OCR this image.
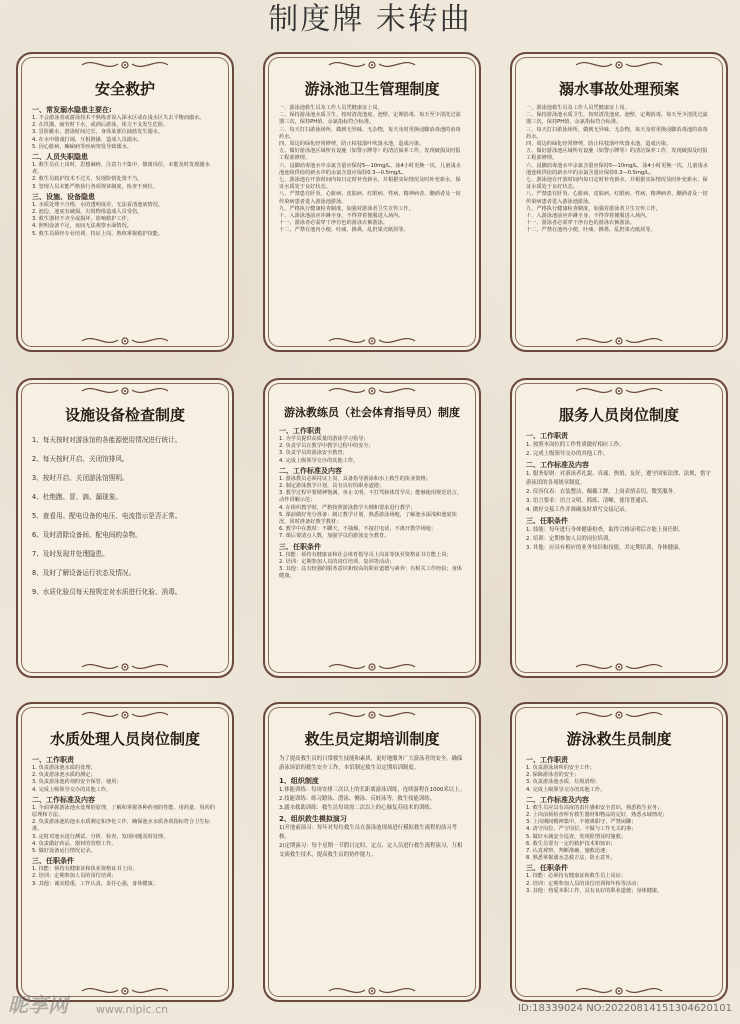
制度牌 未转曲
安全救护

一、常发溺水隐患主要在:

1. 不会游泳者或游泳技术不熟练者误入深水区或在浅水区失去平衡而溺水。

2. 在饥饿、疲劳时下水，或酒后游泳，体力不支发生危险。

3. 冒险跳水，潜泳时间过长，身体某部位抽筋发生溺水。

4. 在水中嬉戏打闹，互相推搡，造成人员溺水。

5. 因心脏病、癫痫病等疾病突发导致溺水。

二、人员失职隐患

1. 救生员在上岗时，思想麻痹，注意力不集中，擅离岗位，未能及时发现溺水者。

2. 救生员救护技术不过关，发现险情处置不当。

3. 管理人员未能严格执行各项规章制度，检查不到位。

三、设施、设备隐患

1. 水质处理不合格，水的透明度差，无法看清池底情况。

2. 池边、池底有破损，尖锐物体造成人员受伤。

3. 救生器材不齐全或损坏，影响救护工作。

4. 照明设备不足，夜间无法观察水面情况。

5. 救生员须经专业培训，持证上岗，熟练掌握救护技能。

游泳池卫生管理制度

一、游泳池救生员及工作人员凭健康证上岗。

二、保持游泳池水质卫生，按时清洗池底、池壁，定期消毒，每天至少清洗过滤器三次，保持PH值、余氯指标符合标准。

三、每天打扫游泳场所，做到无异味、无杂物，每天及时更换浸脚消毒池的消毒药水。

四、周边的绿化经常修剪，防止枯枝落叶吹落水池，造成污染。

五、做好游泳池区域所有设施（如警示牌等）的清洁保养工作，发现破损及时报工程部修理。

六、浸脚消毒池水中余氯含量应保持5—10mg/L，泳4小时更换一次，儿童浅水池连续供给的新水中的余氯含量应保持0.3—0.5mg/L。

七、游泳池在开放时间内每日定时补充新水，并根据实际情况及时补充新水，保证水质处于良好状态。

八、严禁患有肝炎、心脏病、皮肤病、红眼病、性病、精神病者、酗酒者及一切传染病患者进入游泳池游泳。

九、严格执行健康检查制度，加强对游泳者卫生宣传工作。

十、入游泳池前应冲淋全身，不得穿着便服进入场内。

十一、游泳者必需穿干净有色的游泳衣裤游泳。

十二、严禁在池内小便、吐痰、擤鼻，乱扔果壳纸屑等。

溺水事故处理预案

一、游泳池救生员及工作人员凭健康证上岗。

二、保持游泳池水质卫生，按时清洗池底、池壁，定期消毒，每天至少清洗过滤器三次，保持PH值、余氯指标符合标准。

三、每天打扫游泳场所，做到无异味、无杂物，每天及时更换浸脚消毒池的消毒药水。

四、周边的绿化经常修剪，防止枯枝落叶吹落水池，造成污染。

五、做好游泳池区域所有设施（如警示牌等）的清洁保养工作，发现破损及时报工程部修理。

六、浸脚消毒池水中余氯含量应保持5—10mg/L，泳4小时更换一次，儿童浅水池连续供给的新水中的余氯含量应保持0.3—0.5mg/L。

七、游泳池在开放时间内每日定时补充新水，并根据实际情况及时补充新水，保证水质处于良好状态。

八、严禁患有肝炎、心脏病、皮肤病、红眼病、性病、精神病者、酗酒者及一切传染病患者进入游泳池游泳。

九、严格执行健康检查制度，加强对游泳者卫生宣传工作。

十、入游泳池前应冲淋全身，不得穿着便服进入场内。

十一、游泳者必需穿干净有色的游泳衣裤游泳。

十二、严禁在池内小便、吐痰、擤鼻，乱扔果壳纸屑等。

设施设备检查制度

1、每天按时对游泳馆的各能源使用情况进行统计。

2、每天按时开启、关闭馆排风。

3、按时开启、关闭游泳馆照明。

4、杜绝跑、冒、滴、漏现象。

5、查看用、配电设备的电压、电流指示是否正常。

6、及时清除设备间、配电间的杂物。

7、及时发现并处理隐患。

8、及时了解设备运行状态及情况。

9、水质化验员每天按规定对水质进行化验、消毒。

游泳教练员（社会体育指导员）制度

一、工作职责

1. 为学员提供高质量的游泳学习指导；

2. 负责学员在教学中教学过程中的安全；

3. 负责学员的游泳安全教育；

4. 完成上级领导交办的其他工作。

二、工作标准及内容

1. 游泳教员必须持证上岗，具备指导游泳和水上救生的执业资格；

2. 制定游泳教学计划，具有良好的职业道德；

3. 教学过程中要精神饱满，举止文明，不打骂和体罚学员；能够使用规范语言、动作讲解示范；

4. 在组织教学时，严格按照游泳教学大纲和要求进行教学；

5. 课前做好充分准备：制订教学计划，熟悉游泳场地，了解池水深浅和池底状况，同时准备好教学教材；

6. 教学中在教时：不聊天，不抽烟，不接打电话，不离开教学场地；

7. 课后要清点人数，加强学员的游泳安全教育。

三、任职条件

1. 技能：须持有健康证和社会体育指导员上岗证等执业资格证书方能上岗；

2. 培训：定期参加人员的岗位培训，复训等活动；

3. 其他：具有较强的服务意识和较高的职业道德与素养；有相关工作经验；身体健康。

服务人员岗位制度

一、工作职责

1. 按照本岗位的工作性质做好相应工作。

2. 完成上级领导交办的其他工作。

二、工作标准及内容

1. 服务原则：对游泳者礼貌、真诚、热情、友好，遵守国家法律、法规，恪守游泳馆的各项规章制度。

2. 仪容仪表：衣装整洁，佩戴工牌，上岗表情亲切、微笑服务。

3. 语言要求：语言文明、简练、清晰，使用普通话。

4. 做好交接工作并准确及时填写交接记录。

三、任职条件

1. 技能：每年进行身体健康检查，取得合格证明后方能上岗任职。

2. 培训：定期参加人员的岗位培训。

3. 其他：应具有相应的业务知识和技能，并定期培训，身体健康。

水质处理人员岗位制度

一、工作职责

1. 负责游泳池水质的处理；

2. 负责游泳池水质的测定；

3. 负责游泳池药剂的安全保管、使用；

4. 完成上级领导交办的其他工作。

二、工作标准及内容

1. 全面掌握游泳池水处理的原理，了解和掌握各种药剂的性能、用药量、用药的原理和方法。

2. 负责游泳池的池水水质测定和净化工作，确保池水水质各项指标符合卫生标准。

3. 定时对池水进行测试，分析、检查，发现问题及时处理。

4. 负责做好药品、器材的管理工作。

5. 做好设备运行情况记录。

三、任职条件

1. 技能：须持有健康证和执业资格证书上岗；

2. 培训：定期参加人员的岗位培训；

3. 其他：诚实稳重，工作认真，责任心强，身体健康。

救生员定期培训制度

为了提高救生员的日常救生技能和素质，更好地服务广大游泳者的安全，确保游泳场馆的救生安全工作，本馆制定救生员定期培训制度。

1、组织制度

1.体能训练：每周安排三次以上的长距离游泳训练，连续游程在1000米以上。

2.技能训练：练习蹬泳、潜泳、侧泳、反蛙泳等，救生技能训练。

3.溺水救助训练：救生员每周需二次以上的心肺复苏技术的训练。

2、组织救生模拟演习

1)开池前演习：每年对每位救生员在游泳池现场进行模拟救生流程的演习考核。

2)定期演习：每个星期一节假日定时、定点、定人员进行救生流程演习，互相交流救生技术，提高救生员的协作能力。

游泳救生员制度

一、工作职责

1. 负责游泳场所的安全工作；

2. 保障游泳者的安全；

3. 负责游泳池水质、垃圾清理；

4. 完成上级领导交办的其他工作。

二、工作标准及内容

1. 救生员应具有高度的责任感和安全意识，熟悉救生业务；

2. 上岗前须检查所有救生器材和物品的完好，熟悉水域情况；

3. 上岗期间精神集中，不擅离职守，严禁闲聊；

4. 清守岗位、严守岗位，不做与工作无关的事；

5. 做好水域安全巡查，发现险情及时施救；

6. 救生员要有一定的救护技术和知识；

7. 认真观察，判断准确，施救迅速；

8. 熟悉掌握溺水急救方法，防止意外。

三、任职条件

1. 技能：必须持有健康证和救生员上岗证；

2. 培训：定期参加人员的岗位培训和年检等活动；

3. 其他：热爱本职工作，具有良好的职业道德；身体健康。

昵享网	www.nipic.cn	ID:18339024 NO:20220814151304620101
